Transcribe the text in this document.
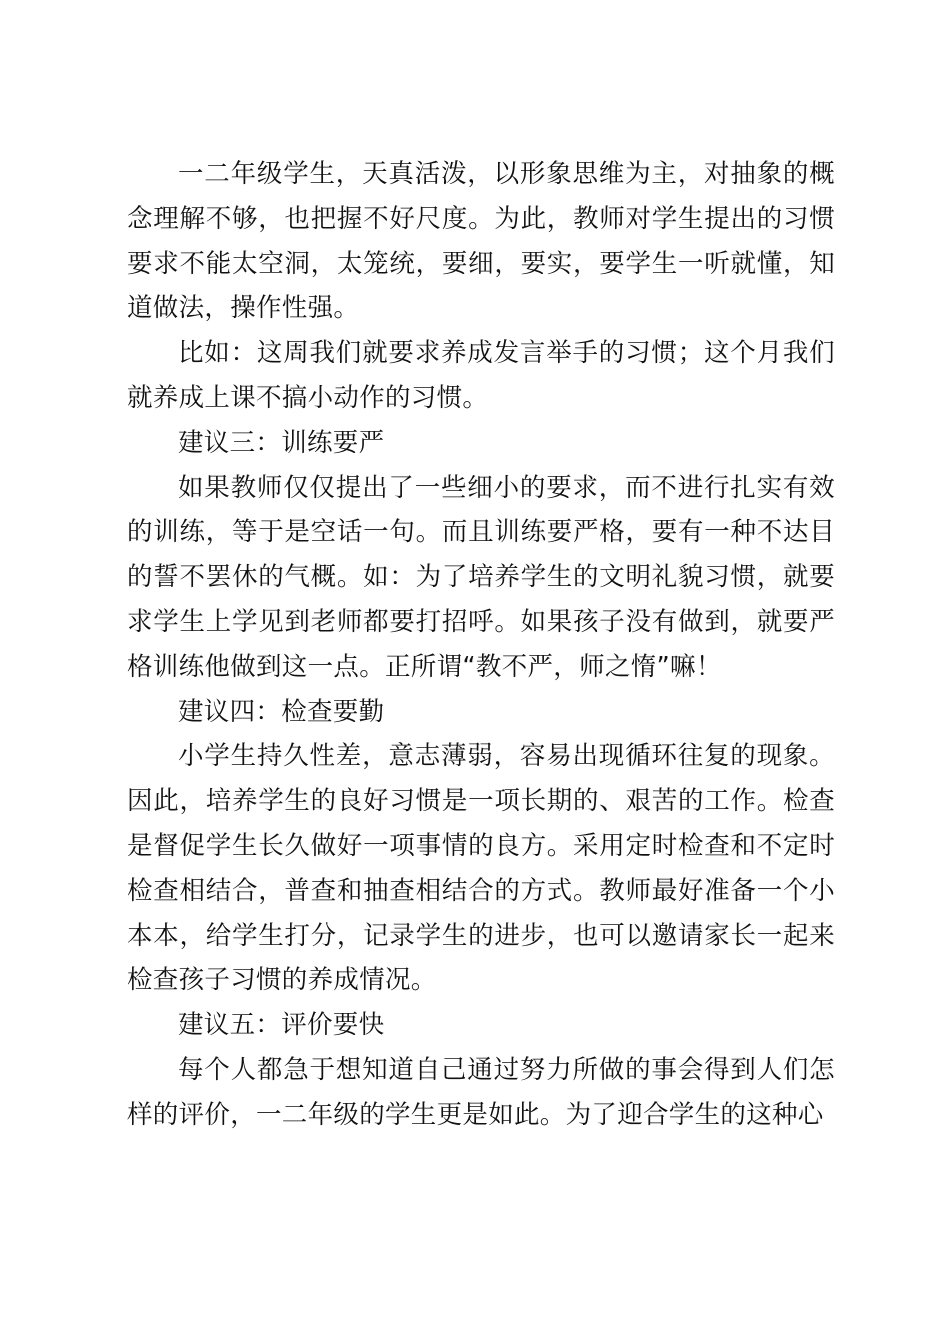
一二年级学生，天真活泼，以形象思维为主，对抽象的概念理解不够，也把握不好尺度。为此，教师对学生提出的习惯要求不能太空洞，太笼统，要细，要实，要学生一听就懂，知道做法，操作性强。

比如：这周我们就要求养成发言举手的习惯；这个月我们就养成上课不搞小动作的习惯。

建议三：训练要严

如果教师仅仅提出了一些细小的要求，而不进行扎实有效的训练，等于是空话一句。而且训练要严格，要有一种不达目的誓不罢休的气概。如：为了培养学生的文明礼貌习惯，就要求学生上学见到老师都要打招呼。如果孩子没有做到，就要严格训练他做到这一点。正所谓“教不严，师之惰”嘛！

建议四：检查要勤

小学生持久性差，意志薄弱，容易出现循环往复的现象。因此，培养学生的良好习惯是一项长期的、艰苦的工作。检查是督促学生长久做好一项事情的良方。采用定时检查和不定时检查相结合，普查和抽查相结合的方式。教师最好准备一个小本本，给学生打分，记录学生的进步，也可以邀请家长一起来检查孩子习惯的养成情况。

建议五：评价要快

每个人都急于想知道自己通过努力所做的事会得到人们怎样的评价，一二年级的学生更是如此。为了迎合学生的这种心
